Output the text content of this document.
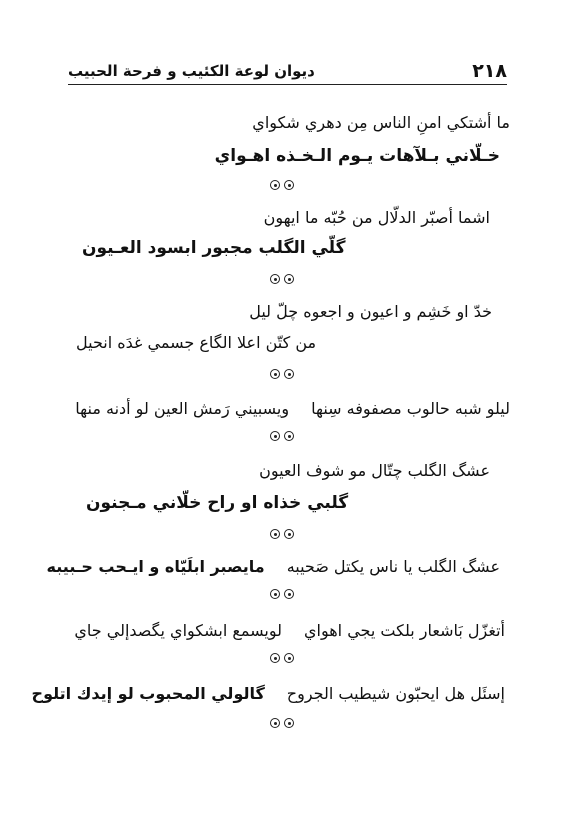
٢١٨
ديوان لوعة الكئيب و فرحة الحبيب
ما أشتكي امنِ الناس مِن دهري شكواي
خـلّاني بـلآهات يـوم الـخـذه اهـواي
اشما أصبّر الدلّال من حُبّه ما ايهون
گلّي الگلب مجبور ابسود العـيون
خدّ او خَشِم و اعيون و اجعوه چلّ ليل
من كتّن اعلا الگاع جسمي غدَه انحيل
ليلو شبه حالوب مصفوفه سِنها
ويسبيني رَمش العين لو أدنه منها
عشگ الگلب چتّال مو شوف العيون
گلبي خذاه او راح خلّاني مـجنون
عشگ الگلب يا ناس يكتل صَحيبه
مايصبر ابلَيّاه و ايـحب حـبيبه
أتغزّل بَاشعار بلكت يجي اهواي
لويسمع ابشكواي يگصدإلي جاي
إسئَل هل ايحبّون شيطيب الجروح
گالولي المحبوب لو إيدك اتلوح
